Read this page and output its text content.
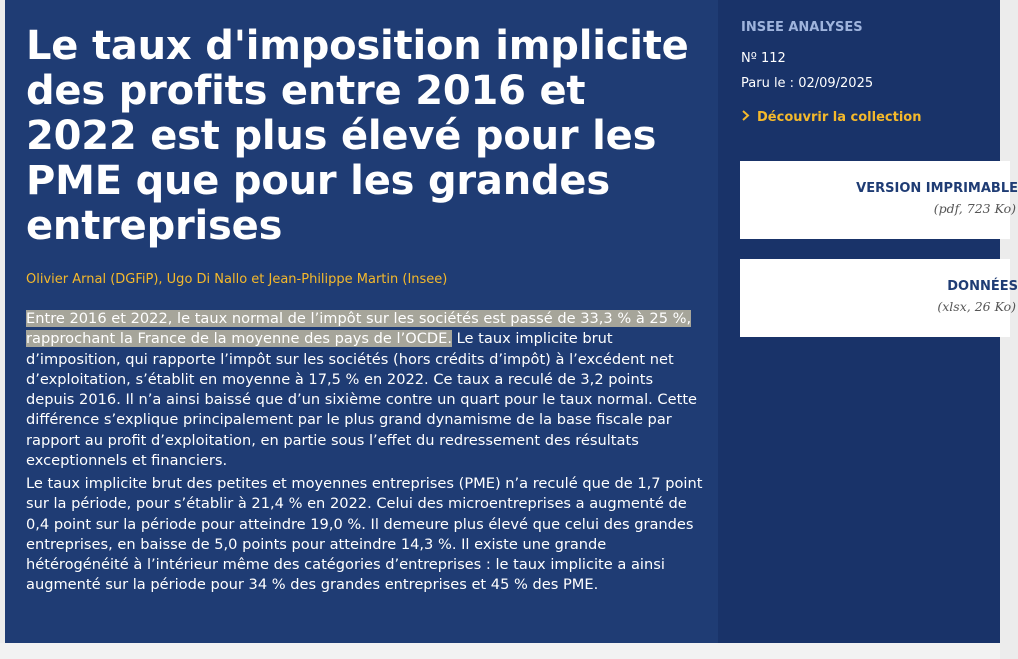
Le taux d'imposition implicite des profits entre 2016 et 2022 est plus élevé pour les PME que pour les grandes entreprises

Olivier Arnal (DGFiP), Ugo Di Nallo et Jean-Philippe Martin (Insee)

Entre 2016 et 2022, le taux normal de l’impôt sur les sociétés est passé de 33,3 % à 25 %, rapprochant la France de la moyenne des pays de l’OCDE. Le taux implicite brut d’imposition, qui rapporte l’impôt sur les sociétés (hors crédits d’impôt) à l’excédent net d’exploitation, s’établit en moyenne à 17,5 % en 2022. Ce taux a reculé de 3,2 points depuis 2016. Il n’a ainsi baissé que d’un sixième contre un quart pour le taux normal. Cette différence s’explique principalement par le plus grand dynamisme de la base fiscale par rapport au profit d’exploitation, en partie sous l’effet du redressement des résultats exceptionnels et financiers.

Le taux implicite brut des petites et moyennes entreprises (PME) n’a reculé que de 1,7 point sur la période, pour s’établir à 21,4 % en 2022. Celui des microentreprises a augmenté de 0,4 point sur la période pour atteindre 19,0 %. Il demeure plus élevé que celui des grandes entreprises, en baisse de 5,0 points pour atteindre 14,3 %. Il existe une grande hétérogénéité à l’intérieur même des catégories d’entreprises : le taux implicite a ainsi augmenté sur la période pour 34 % des grandes entreprises et 45 % des PME.

INSEE ANALYSES

Nº 112

Paru le : 02/09/2025

Découvrir la collection

VERSION IMPRIMABLE

(pdf, 723 Ko)

DONNÉES

(xlsx, 26 Ko)
